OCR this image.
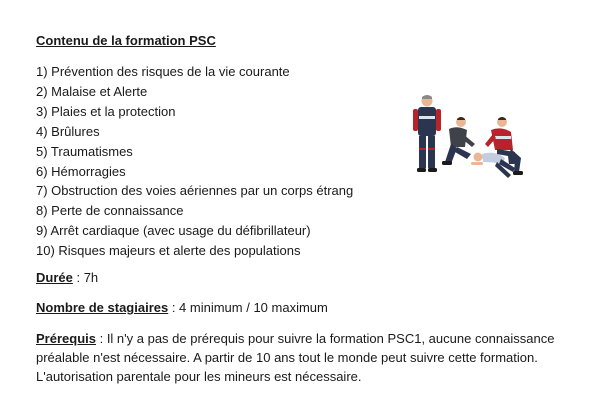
Contenu de la formation PSC
1) Prévention des risques de la vie courante
2) Malaise et Alerte
3) Plaies et la protection
4) Brûlures
5) Traumatismes
6) Hémorragies
7) Obstruction des voies aériennes par un corps étrang
8) Perte de connaissance
9) Arrêt cardiaque (avec usage du défibrillateur)
10) Risques majeurs et alerte des populations

Durée : 7h

Nombre de stagiaires : 4 minimum / 10 maximum

Prérequis : Il n'y a pas de prérequis pour suivre la formation PSC1, aucune connaissance préalable n'est nécessaire. A partir de 10 ans tout le monde peut suivre cette formation. L'autorisation parentale pour les mineurs est nécessaire.
